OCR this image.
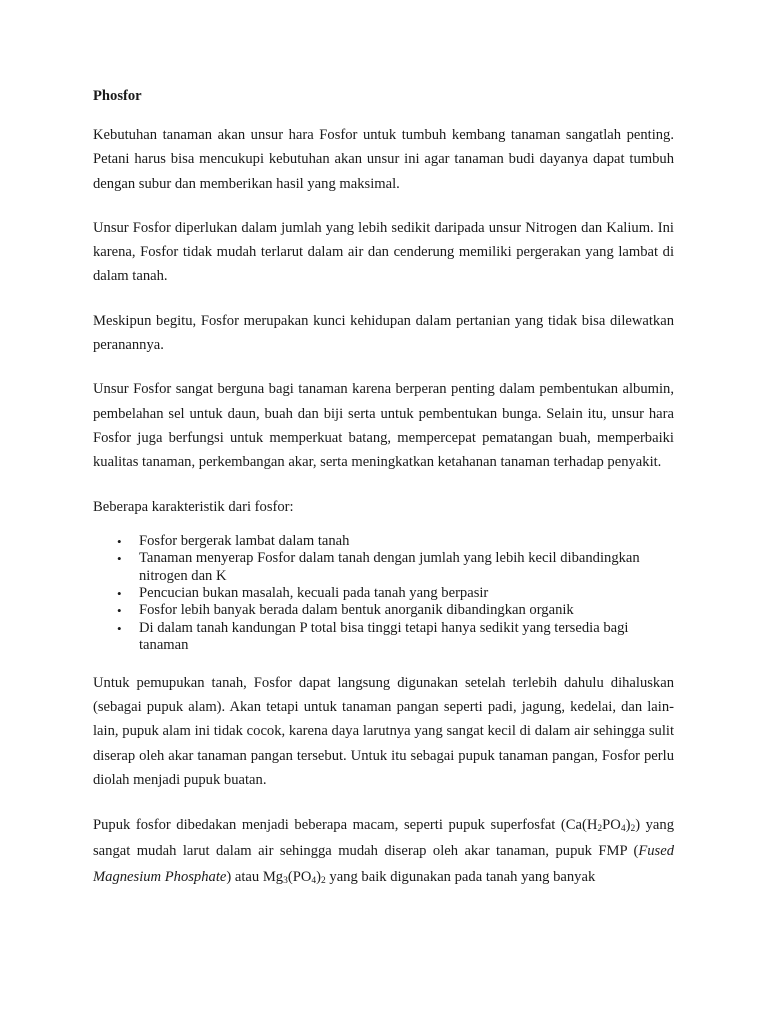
Phosfor

Kebutuhan tanaman akan unsur hara Fosfor untuk tumbuh kembang tanaman sangatlah penting. Petani harus bisa mencukupi kebutuhan akan unsur ini agar tanaman budi dayanya dapat tumbuh dengan subur dan memberikan hasil yang maksimal.

Unsur Fosfor diperlukan dalam jumlah yang lebih sedikit daripada unsur Nitrogen dan Kalium. Ini karena, Fosfor tidak mudah terlarut dalam air dan cenderung memiliki pergerakan yang lambat di dalam tanah.

Meskipun begitu, Fosfor merupakan kunci kehidupan dalam pertanian yang tidak bisa dilewatkan peranannya.

Unsur Fosfor sangat berguna bagi tanaman karena berperan penting dalam pembentukan albumin, pembelahan sel untuk daun, buah dan biji serta untuk pembentukan bunga. Selain itu, unsur hara Fosfor juga berfungsi untuk memperkuat batang, mempercepat pematangan buah, memperbaiki kualitas tanaman, perkembangan akar, serta meningkatkan ketahanan tanaman terhadap penyakit.

Beberapa karakteristik dari fosfor:

• Fosfor bergerak lambat dalam tanah
• Tanaman menyerap Fosfor dalam tanah dengan jumlah yang lebih kecil dibandingkan nitrogen dan K
• Pencucian bukan masalah, kecuali pada tanah yang berpasir
• Fosfor lebih banyak berada dalam bentuk anorganik dibandingkan organik
• Di dalam tanah kandungan P total bisa tinggi tetapi hanya sedikit yang tersedia bagi tanaman

Untuk pemupukan tanah, Fosfor dapat langsung digunakan setelah terlebih dahulu dihaluskan (sebagai pupuk alam). Akan tetapi untuk tanaman pangan seperti padi, jagung, kedelai, dan lain-lain, pupuk alam ini tidak cocok, karena daya larutnya yang sangat kecil di dalam air sehingga sulit diserap oleh akar tanaman pangan tersebut. Untuk itu sebagai pupuk tanaman pangan, Fosfor perlu diolah menjadi pupuk buatan.

Pupuk fosfor dibedakan menjadi beberapa macam, seperti pupuk superfosfat $(Ca(H_2PO_4)_2)$ yang sangat mudah larut dalam air sehingga mudah diserap oleh akar tanaman, pupuk FMP (Fused Magnesium Phosphate) atau $Mg_3(PO_4)_2$ yang baik digunakan pada tanah yang banyak
